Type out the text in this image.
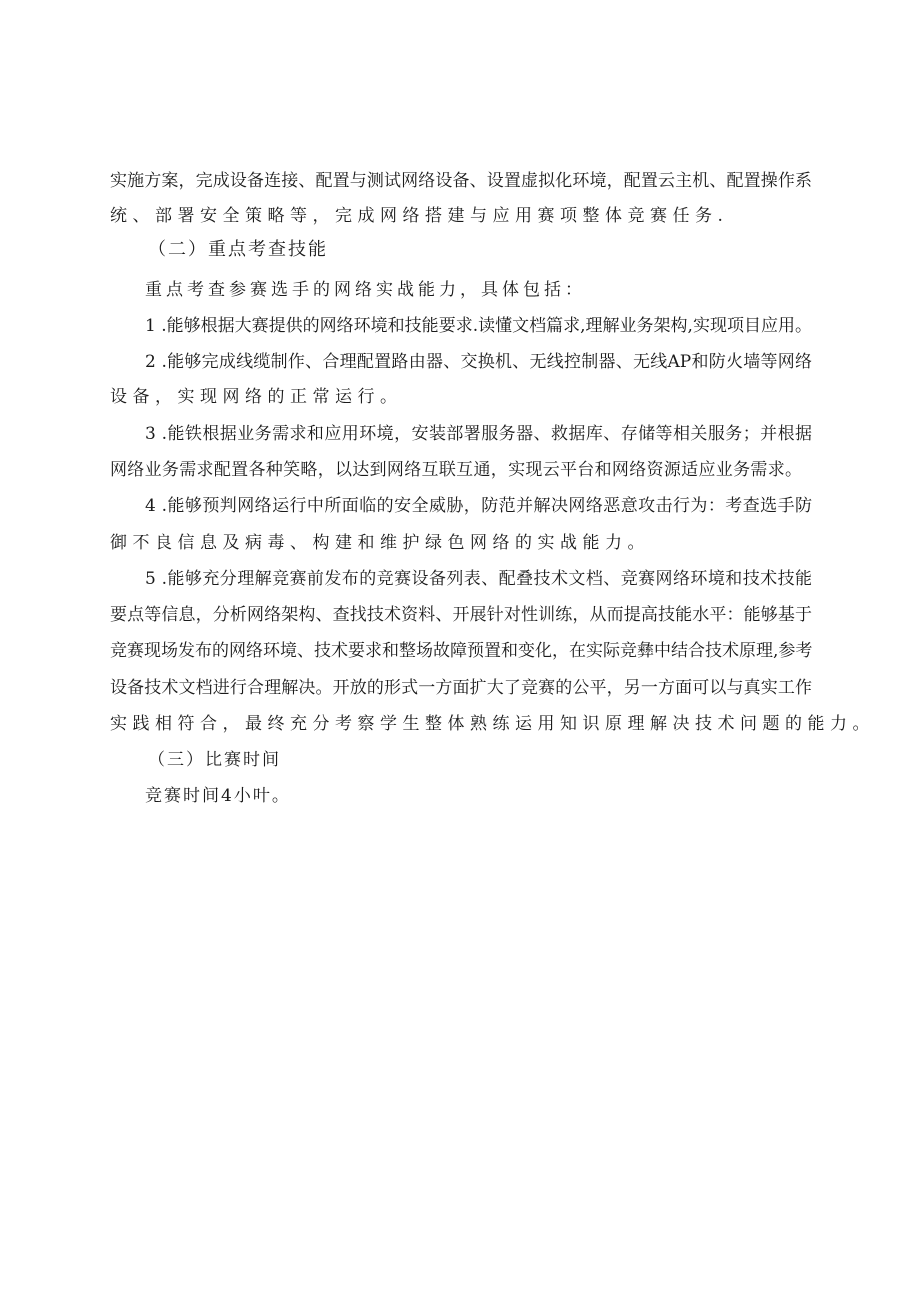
实施方案，完成设备连接、配置与测试网络设备、设置虚拟化环境，配置云主机、配置操作系
统、部署安全策略等，完成网络搭建与应用赛项整体竞赛任务.
（二）重点考查技能
重点考查参赛选手的网络实战能力，具体包括：
1 .能够根据大赛提供的网络环境和技能要求.读懂文档篇求,理解业务架构,实现项目应用。
2 .能够完成线缆制作、合理配置路由器、交换机、无线控制器、无线AP和防火墙等网络
设备，实现网络的正常运行。
3 .能铁根据业务需求和应用环境，安装部署服务器、救据库、存储等相关服务；并根据
网络业务需求配置各种笑略，以达到网络互联互通，实现云平台和网络资源适应业务需求。
4 .能够预判网络运行中所面临的安全威胁，防范并解决网络恶意攻击行为：考查选手防
御不良信息及病毒、构建和维护绿色网络的实战能力。
5 .能够充分理解竞赛前发布的竞赛设备列表、配叠技术文档、竞赛网络环境和技术技能
要点等信息，分析网络架构、查找技术资料、开展针对性训练，从而提高技能水平：能够基于
竞赛现场发布的网络环境、技术要求和整场故障预置和变化，在实际竞彝中结合技术原理,参考
设备技术文档进行合理解决。开放的形式一方面扩大了竞赛的公平，另一方面可以与真实工作
实践相符合，最终充分考察学生整体熟练运用知识原理解决技术问题的能力。
（三）比赛时间
竞赛时间4小叶。
